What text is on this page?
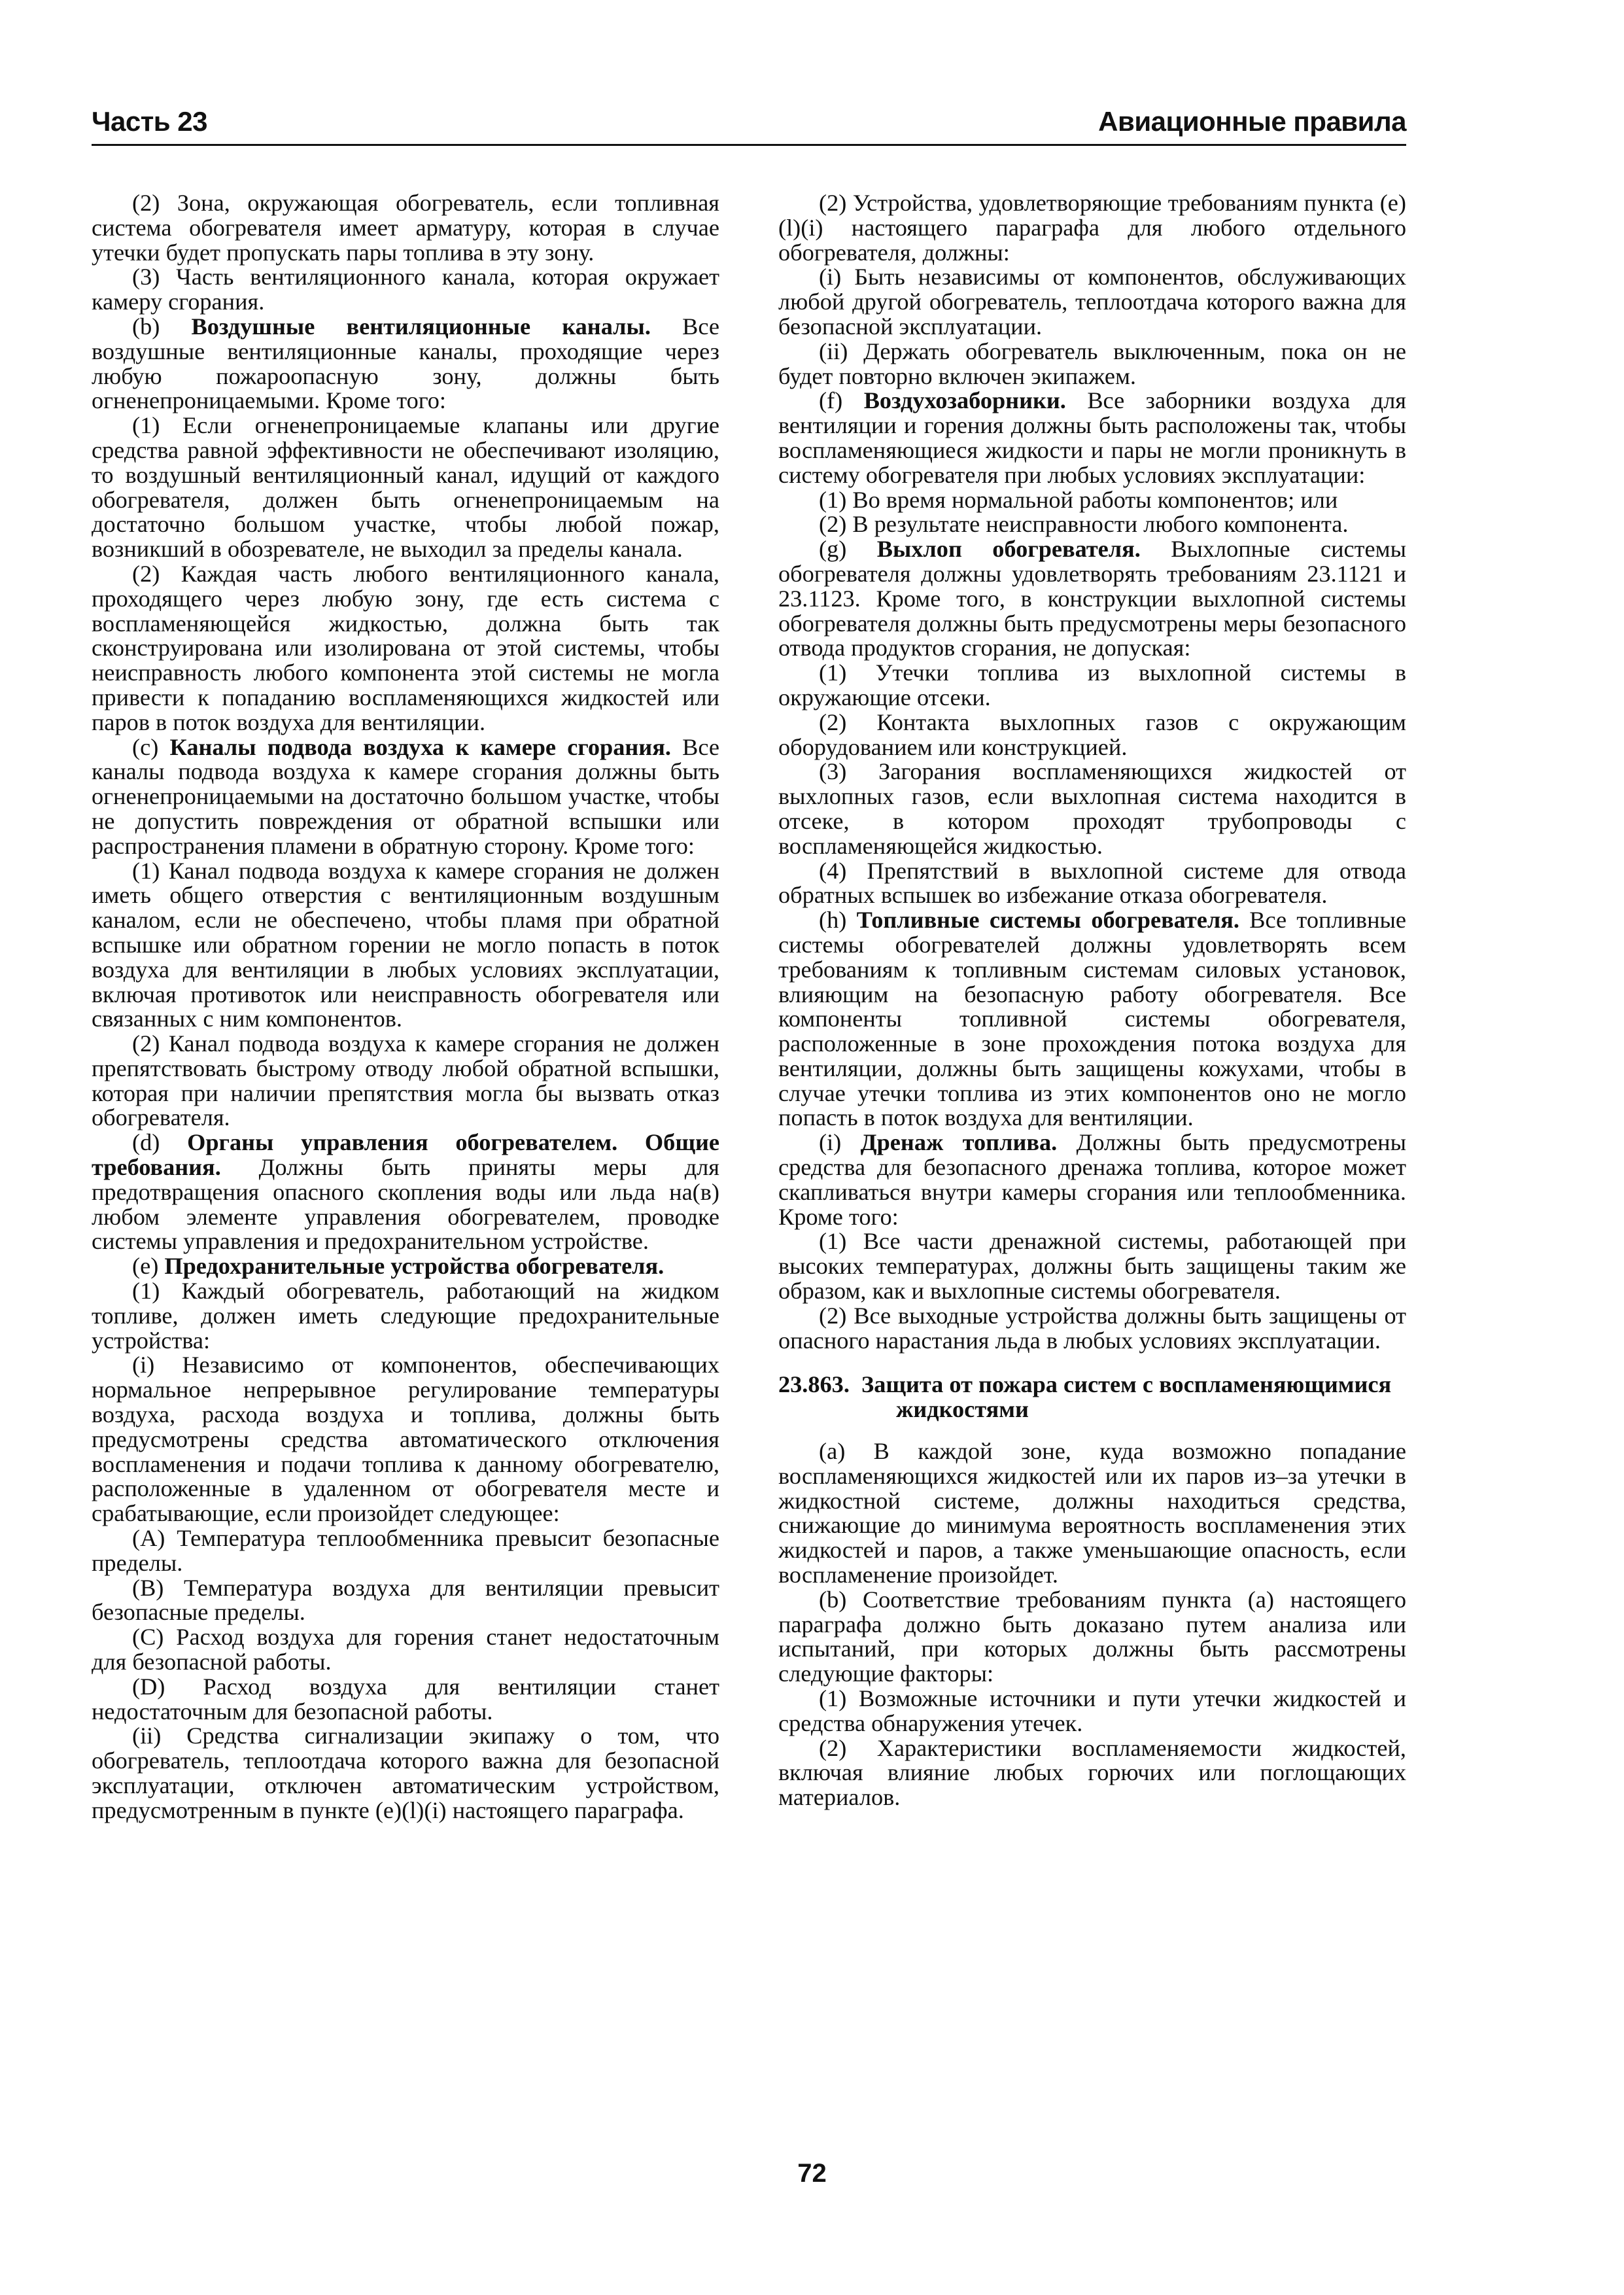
Часть 23	Авиационные правила

(2) Зона, окружающая обогреватель, если топливная система обогревателя имеет арматуру, которая в случае утечки будет пропускать пары топлива в эту зону.

(3) Часть вентиляционного канала, которая окружает камеру сгорания.

(b) Воздушные вентиляционные каналы. Все воздушные вентиляционные каналы, проходящие через любую пожароопасную зону, должны быть огненепроницаемыми. Кроме того:

(1) Если огненепроницаемые клапаны или другие средства равной эффективности не обеспечивают изоляцию, то воздушный вентиляционный канал, идущий от каждого обогревателя, должен быть огненепроницаемым на достаточно большом участке, чтобы любой пожар, возникший в обозревателе, не выходил за пределы канала.

(2) Каждая часть любого вентиляционного канала, проходящего через любую зону, где есть система с воспламеняющейся жидкостью, должна быть так сконструирована или изолирована от этой системы, чтобы неисправность любого компонента этой системы не могла привести к попаданию воспламеняющихся жидкостей или паров в поток воздуха для вентиляции.

(c) Каналы подвода воздуха к камере сгорания. Все каналы подвода воздуха к камере сгорания должны быть огненепроницаемыми на достаточно большом участке, чтобы не допустить повреждения от обратной вспышки или распространения пламени в обратную сторону. Кроме того:

(1) Канал подвода воздуха к камере сгорания не должен иметь общего отверстия с вентиляционным воздушным каналом, если не обеспечено, чтобы пламя при обратной вспышке или обратном горении не могло попасть в поток воздуха для вентиляции в любых условиях эксплуатации, включая противоток или неисправность обогревателя или связанных с ним компонентов.

(2) Канал подвода воздуха к камере сгорания не должен препятствовать быстрому отводу любой обратной вспышки, которая при наличии препятствия могла бы вызвать отказ обогревателя.

(d) Органы управления обогревателем. Общие требования. Должны быть приняты меры для предотвращения опасного скопления воды или льда на(в) любом элементе управления обогревателем, проводке системы управления и предохранительном устройстве.

(e) Предохранительные устройства обогревателя.

(1) Каждый обогреватель, работающий на жидком топливе, должен иметь следующие предохранительные устройства:

(i) Независимо от компонентов, обеспечивающих нормальное непрерывное регулирование температуры воздуха, расхода воздуха и топлива, должны быть предусмотрены средства автоматического отключения воспламенения и подачи топлива к данному обогревателю, расположенные в удаленном от обогревателя месте и срабатывающие, если произойдет следующее:

(A) Температура теплообменника превысит безопасные пределы.

(B) Температура воздуха для вентиляции превысит безопасные пределы.

(C) Расход воздуха для горения станет недостаточным для безопасной работы.

(D) Расход воздуха для вентиляции станет недостаточным для безопасной работы.

(ii) Средства сигнализации экипажу о том, что обогреватель, теплоотдача которого важна для безопасной эксплуатации, отключен автоматическим устройством, предусмотренным в пункте (e)(l)(i) настоящего параграфа.

(2) Устройства, удовлетворяющие требованиям пункта (e)(l)(i) настоящего параграфа для любого отдельного обогревателя, должны:

(i) Быть независимы от компонентов, обслуживающих любой другой обогреватель, теплоотдача которого важна для безопасной эксплуатации.

(ii) Держать обогреватель выключенным, пока он не будет повторно включен экипажем.

(f) Воздухозаборники. Все заборники воздуха для вентиляции и горения должны быть расположены так, чтобы воспламеняющиеся жидкости и пары не могли проникнуть в систему обогревателя при любых условиях эксплуатации:

(1) Во время нормальной работы компонентов; или

(2) В результате неисправности любого компонента.

(g) Выхлоп обогревателя. Выхлопные системы обогревателя должны удовлетворять требованиям 23.1121 и 23.1123. Кроме того, в конструкции выхлопной системы обогревателя должны быть предусмотрены меры безопасного отвода продуктов сгорания, не допуская:

(1) Утечки топлива из выхлопной системы в окружающие отсеки.

(2) Контакта выхлопных газов с окружающим оборудованием или конструкцией.

(3) Загорания воспламеняющихся жидкостей от выхлопных газов, если выхлопная система находится в отсеке, в котором проходят трубопроводы с воспламеняющейся жидкостью.

(4) Препятствий в выхлопной системе для отвода обратных вспышек во избежание отказа обогревателя.

(h) Топливные системы обогревателя. Все топливные системы обогревателей должны удовлетворять всем требованиям к топливным системам силовых установок, влияющим на безопасную работу обогревателя. Все компоненты топливной системы обогревателя, расположенные в зоне прохождения потока воздуха для вентиляции, должны быть защищены кожухами, чтобы в случае утечки топлива из этих компонентов оно не могло попасть в поток воздуха для вентиляции.

(i) Дренаж топлива. Должны быть предусмотрены средства для безопасного дренажа топлива, которое может скапливаться внутри камеры сгорания или теплообменника. Кроме того:

(1) Все части дренажной системы, работающей при высоких температурах, должны быть защищены таким же образом, как и выхлопные системы обогревателя.

(2) Все выходные устройства должны быть защищены от опасного нарастания льда в любых условиях эксплуатации.

23.863. Защита от пожара систем с воспламеняющимися жидкостями

(a) В каждой зоне, куда возможно попадание воспламеняющихся жидкостей или их паров из–за утечки в жидкостной системе, должны находиться средства, снижающие до минимума вероятность воспламенения этих жидкостей и паров, а также уменьшающие опасность, если воспламенение произойдет.

(b) Соответствие требованиям пункта (a) настоящего параграфа должно быть доказано путем анализа или испытаний, при которых должны быть рассмотрены следующие факторы:

(1) Возможные источники и пути утечки жидкостей и средства обнаружения утечек.

(2) Характеристики воспламеняемости жидкостей, включая влияние любых горючих или поглощающих материалов.

72
